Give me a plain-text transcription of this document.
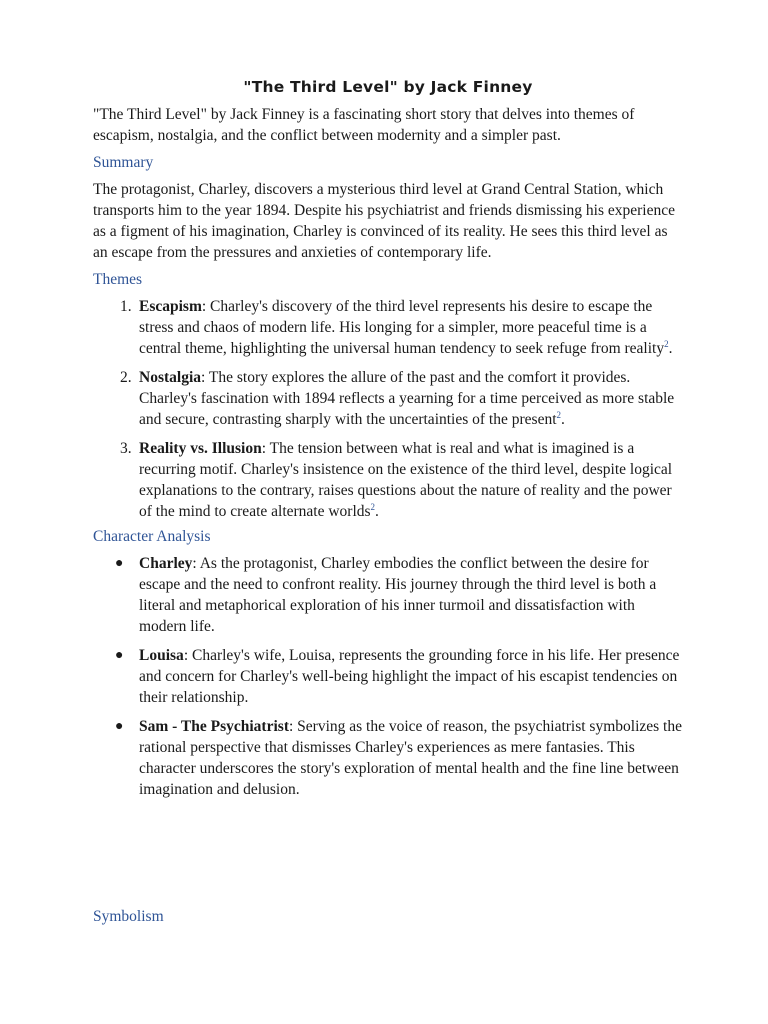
"The Third Level" by Jack Finney

"The Third Level" by Jack Finney is a fascinating short story that delves into themes of escapism, nostalgia, and the conflict between modernity and a simpler past.

Summary

The protagonist, Charley, discovers a mysterious third level at Grand Central Station, which transports him to the year 1894. Despite his psychiatrist and friends dismissing his experience as a figment of his imagination, Charley is convinced of its reality. He sees this third level as an escape from the pressures and anxieties of contemporary life.

Themes
1. Escapism: Charley's discovery of the third level represents his desire to escape the stress and chaos of modern life. His longing for a simpler, more peaceful time is a central theme, highlighting the universal human tendency to seek refuge from reality$^2$.
2. Nostalgia: The story explores the allure of the past and the comfort it provides. Charley's fascination with 1894 reflects a yearning for a time perceived as more stable and secure, contrasting sharply with the uncertainties of the present$^2$.
3. Reality vs. Illusion: The tension between what is real and what is imagined is a recurring motif. Charley's insistence on the existence of the third level, despite logical explanations to the contrary, raises questions about the nature of reality and the power of the mind to create alternate worlds$^2$.
Character Analysis
● Charley: As the protagonist, Charley embodies the conflict between the desire for escape and the need to confront reality. His journey through the third level is both a literal and metaphorical exploration of his inner turmoil and dissatisfaction with modern life.
● Louisa: Charley's wife, Louisa, represents the grounding force in his life. Her presence and concern for Charley's well-being highlight the impact of his escapist tendencies on their relationship.
● Sam - The Psychiatrist: Serving as the voice of reason, the psychiatrist symbolizes the rational perspective that dismisses Charley's experiences as mere fantasies. This character underscores the story's exploration of mental health and the fine line between imagination and delusion.
Symbolism
